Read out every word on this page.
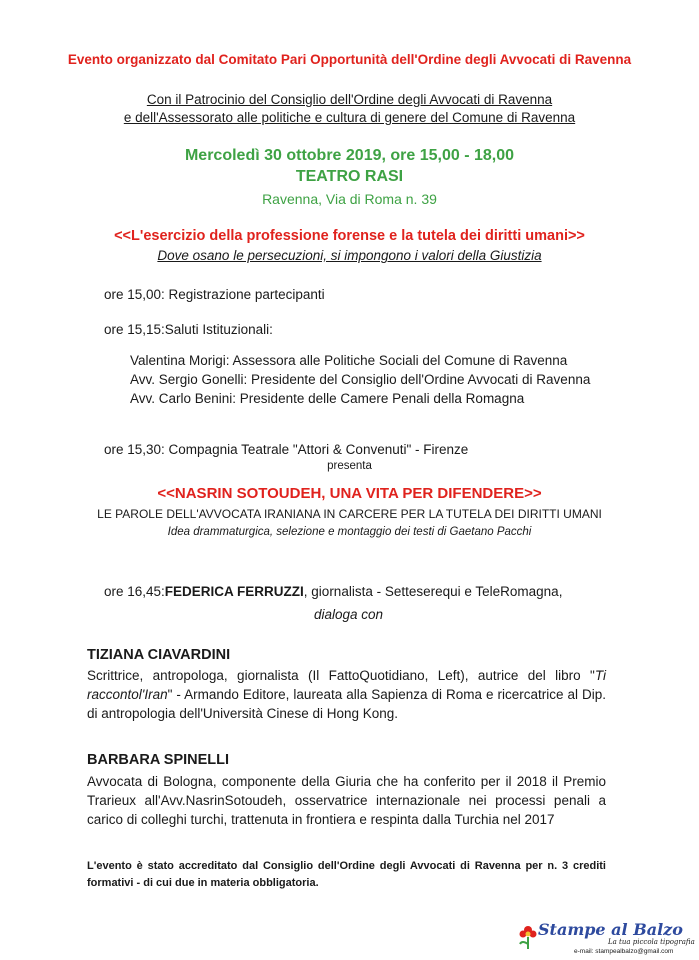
Evento organizzato dal Comitato Pari Opportunità dell'Ordine degli Avvocati di Ravenna
Con il Patrocinio del Consiglio dell'Ordine degli Avvocati di Ravenna
e dell'Assessorato alle politiche e cultura di genere del Comune di Ravenna
Mercoledì 30 ottobre 2019, ore 15,00 - 18,00
TEATRO RASI
Ravenna, Via di Roma n. 39
<<L'esercizio della professione forense e la tutela dei diritti umani>>
Dove osano le persecuzioni, si impongono i valori della Giustizia
ore 15,00: Registrazione partecipanti
ore 15,15:Saluti Istituzionali:
Valentina Morigi: Assessora alle Politiche Sociali del Comune di Ravenna
Avv. Sergio Gonelli: Presidente del Consiglio dell'Ordine Avvocati di Ravenna
Avv. Carlo Benini: Presidente delle Camere Penali della Romagna
ore 15,30: Compagnia Teatrale "Attori & Convenuti" - Firenze
presenta
<<NASRIN SOTOUDEH, UNA VITA PER DIFENDERE>>
LE PAROLE DELL'AVVOCATA IRANIANA IN CARCERE PER LA TUTELA DEI DIRITTI UMANI
Idea drammaturgica, selezione e montaggio dei testi di Gaetano Pacchi
ore 16,45:FEDERICA FERRUZZI, giornalista - Setteserequi e TeleRomagna,
dialoga con
TIZIANA CIAVARDINI
Scrittrice, antropologa, giornalista (Il FattoQuotidiano, Left), autrice del libro "Ti raccontol'Iran" - Armando Editore, laureata alla Sapienza di Roma e ricercatrice al Dip. di antropologia dell'Università Cinese di Hong Kong.
BARBARA SPINELLI
Avvocata di Bologna, componente della Giuria che ha conferito per il 2018 il Premio Trarieux all'Avv.NasrinSotoudeh, osservatrice internazionale nei processi penali a carico di colleghi turchi, trattenuta in frontiera e respinta dalla Turchia nel 2017
L'evento è stato accreditato dal Consiglio dell'Ordine degli Avvocati di Ravenna per n. 3 crediti formativi - di cui due in materia obbligatoria.
Stampe al Balzo
La tua piccola tipografia
e-mail: stampealbalzo@gmail.com
